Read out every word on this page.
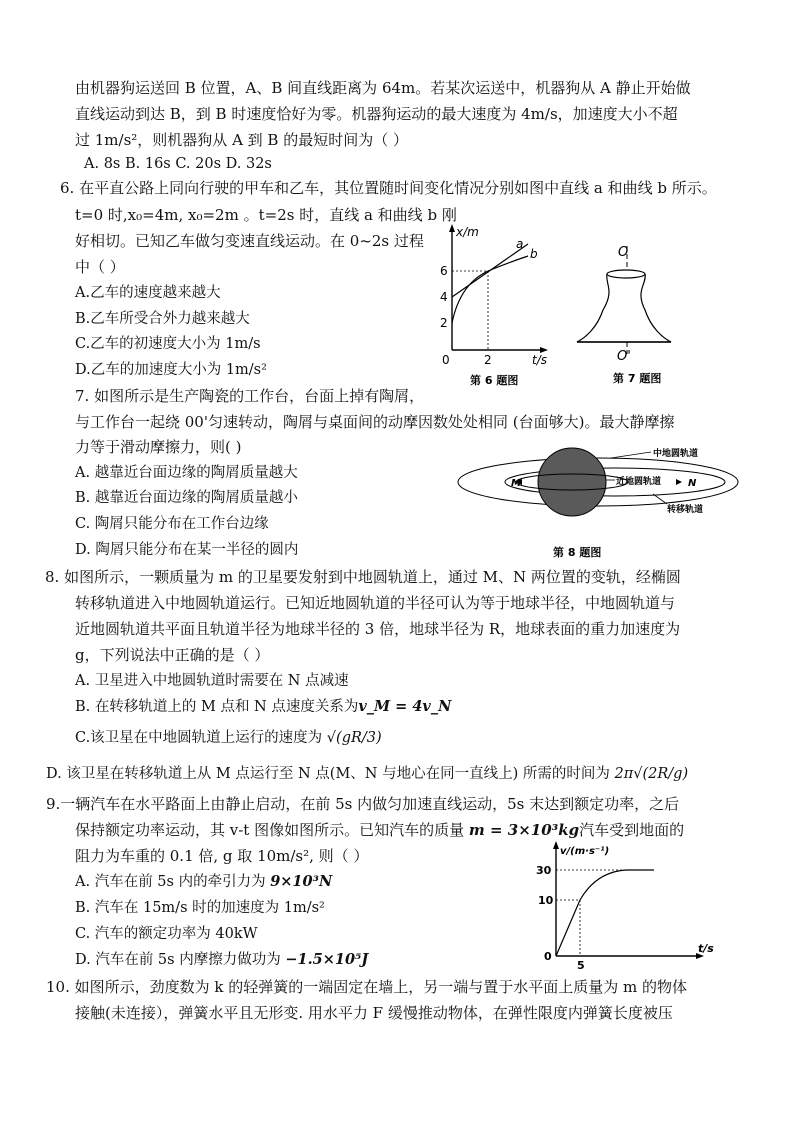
由机器狗运送回 B 位置，A、B 间直线距离为 64m。若某次运送中，机器狗从 A 静止开始做
直线运动到达 B，到 B 时速度恰好为零。机器狗运动的最大速度为 4m/s，加速度大小不超
过 1m/s²，则机器狗从 A 到 B 的最短时间为（ ）
A. 8s B. 16s C. 20s D. 32s
6. 在平直公路上同向行驶的甲车和乙车，其位置随时间变化情况分别如图中直线 a 和曲线 b 所示。
t=0 时,x₀=4m, x₀=2m 。t=2s 时，直线 a 和曲线 b 刚
好相切。已知乙车做匀变速直线运动。在 0~2s 过程
中（ ）
A.乙车的速度越来越大
B.乙车所受合外力越来越大
C.乙车的初速度大小为 1m/s
D.乙车的加速度大小为 1m/s²
x/m
t/s
6
4
2
0	2
a
b
第 6 题图
O
O'
第 7 题图
7. 如图所示是生产陶瓷的工作台，台面上掉有陶屑，
与工作台一起绕 00'匀速转动，陶屑与桌面间的动摩因数处处相同 (台面够大)。最大静摩擦
力等于滑动摩擦力，则( )
A. 越靠近台面边缘的陶屑质量越大
B. 越靠近台面边缘的陶屑质量越小
C. 陶屑只能分布在工作台边缘
D. 陶屑只能分布在某一半径的圆内
中地圆轨道
近地圆轨道
转移轨道
M	N
第 8 题图
8. 如图所示，一颗质量为 m 的卫星要发射到中地圆轨道上，通过 M、N 两位置的变轨，经椭圆
转移轨道进入中地圆轨道运行。已知近地圆轨道的半径可认为等于地球半径，中地圆轨道与
近地圆轨道共平面且轨道半径为地球半径的 3 倍，地球半径为 R，地球表面的重力加速度为
g，下列说法中正确的是（ ）
A. 卫星进入中地圆轨道时需要在 N 点减速
B. 在转移轨道上的 M 点和 N 点速度关系为v_M = 4v_N
C.该卫星在中地圆轨道上运行的速度为 √(gR/3)
D. 该卫星在转移轨道上从 M 点运行至 N 点(M、N 与地心在同一直线上) 所需的时间为 2π√(2R/g)
9.一辆汽车在水平路面上由静止启动，在前 5s 内做匀加速直线运动，5s 末达到额定功率，之后
保持额定功率运动，其 v-t 图像如图所示。已知汽车的质量 m = 3×10³kg汽车受到地面的
阻力为车重的 0.1 倍, g 取 10m/s², 则（ ）
A. 汽车在前 5s 内的牵引力为 9×10³N
B. 汽车在 15m/s 时的加速度为 1m/s²
C. 汽车的额定功率为 40kW
D. 汽车在前 5s 内摩擦力做功为 −1.5×10⁵J
v/(m·s⁻¹)
t/s
30
10
0
5
10. 如图所示，劲度数为 k 的轻弹簧的一端固定在墙上，另一端与置于水平面上质量为 m 的物体
接触(未连接），弹簧水平且无形变. 用水平力 F 缓慢推动物体，在弹性限度内弹簧长度被压
